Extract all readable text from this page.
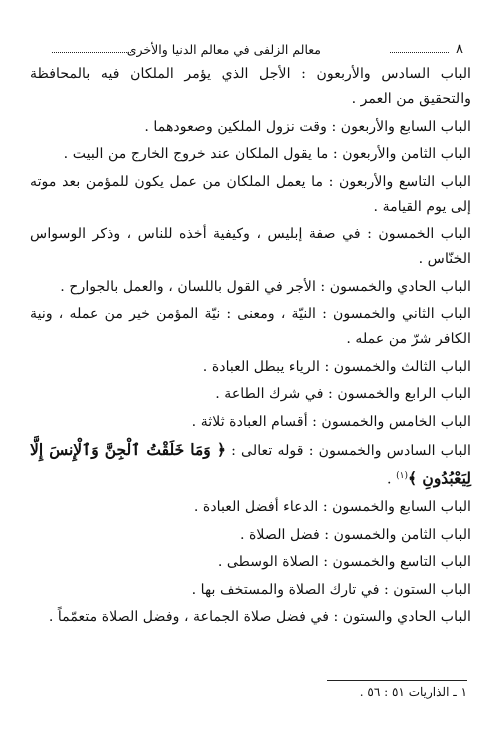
٨
معالم الزلفى في معالم الدنيا والأخرى

الباب السادس والأربعون : الأجل الذي يؤمر الملكان فيه بالمحافظة والتحقيق من العمر .

الباب السابع والأربعون : وقت نزول الملكين وصعودهما .

الباب الثامن والأربعون : ما يقول الملكان عند خروج الخارج من البيت .

الباب التاسع والأربعون : ما يعمل الملكان من عمل يكون للمؤمن بعد موته إلى يوم القيامة .

الباب الخمسون : في صفة إبليس ، وكيفية أخذه للناس ، وذكر الوسواس الخنّاس .

الباب الحادي والخمسون : الأجر في القول باللسان ، والعمل بالجوارح .

الباب الثاني والخمسون : النيّة ، ومعنى : نيّة المؤمن خير من عمله ، ونية الكافر شرّ من عمله .

الباب الثالث والخمسون : الرياء يبطل العبادة .

الباب الرابع والخمسون : في شرك الطاعة .

الباب الخامس والخمسون : أقسام العبادة ثلاثة .

الباب السادس والخمسون : قوله تعالى : ﴿ وَمَا خَلَقْتُ ٱلْجِنَّ وَٱلْإِنسَ إِلَّا لِيَعْبُدُونِ ﴾$^{(١)}$ .

الباب السابع والخمسون : الدعاء أفضل العبادة .

الباب الثامن والخمسون : فضل الصلاة .

الباب التاسع والخمسون : الصلاة الوسطى .

الباب الستون : في تارك الصلاة والمستخف بها .

الباب الحادي والستون : في فضل صلاة الجماعة ، وفضل الصلاة متعمّماً .

١ ـ الذاريات ٥١ : ٥٦ .
